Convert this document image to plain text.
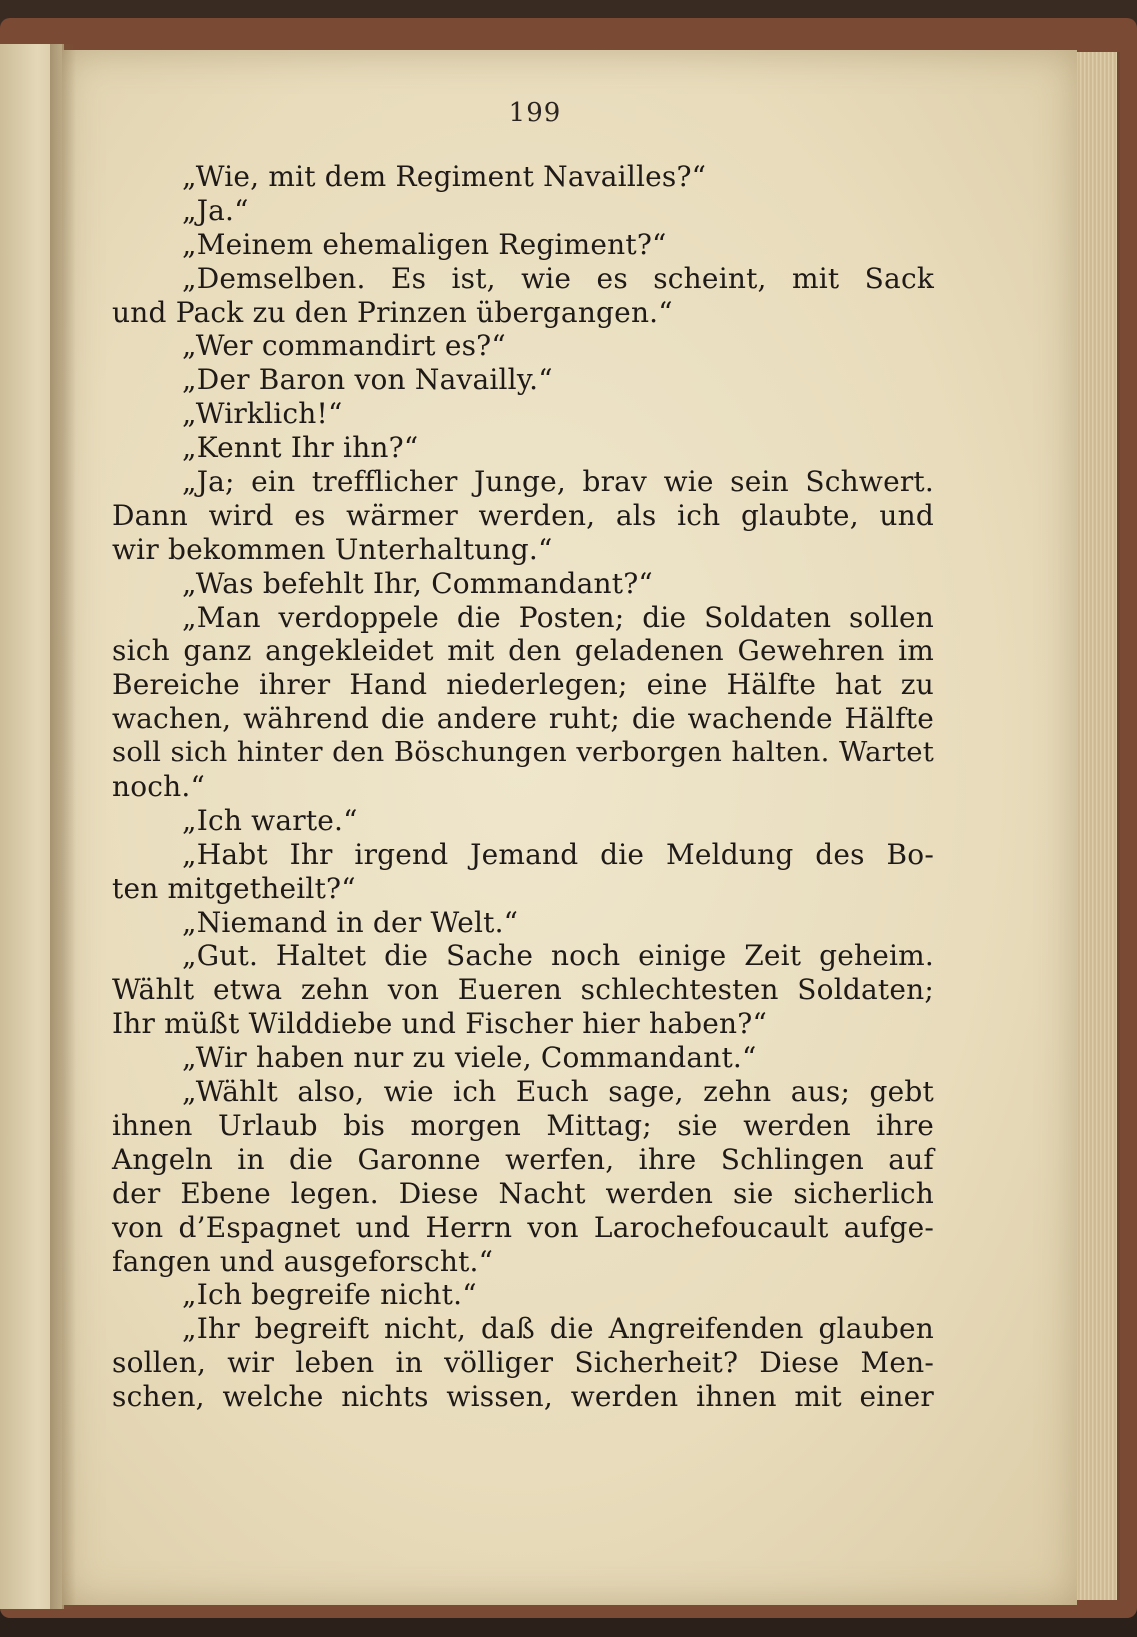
199
„Wie, mit dem Regiment Navailles?“
„Ja.“
„Meinem ehemaligen Regiment?“
„Demselben. Es ist, wie es scheint, mit Sack
und Pack zu den Prinzen übergangen.“
„Wer commandirt es?“
„Der Baron von Navailly.“
„Wirklich!“
„Kennt Ihr ihn?“
„Ja; ein trefflicher Junge, brav wie sein Schwert.
Dann wird es wärmer werden, als ich glaubte, und
wir bekommen Unterhaltung.“
„Was befehlt Ihr, Commandant?“
„Man verdoppele die Posten; die Soldaten sollen
sich ganz angekleidet mit den geladenen Gewehren im
Bereiche ihrer Hand niederlegen; eine Hälfte hat zu
wachen, während die andere ruht; die wachende Hälfte
soll sich hinter den Böschungen verborgen halten. Wartet
noch.“
„Ich warte.“
„Habt Ihr irgend Jemand die Meldung des Bo-
ten mitgetheilt?“
„Niemand in der Welt.“
„Gut. Haltet die Sache noch einige Zeit geheim.
Wählt etwa zehn von Eueren schlechtesten Soldaten;
Ihr müßt Wilddiebe und Fischer hier haben?“
„Wir haben nur zu viele, Commandant.“
„Wählt also, wie ich Euch sage, zehn aus; gebt
ihnen Urlaub bis morgen Mittag; sie werden ihre
Angeln in die Garonne werfen, ihre Schlingen auf
der Ebene legen. Diese Nacht werden sie sicherlich
von d’Espagnet und Herrn von Larochefoucault aufge-
fangen und ausgeforscht.“
„Ich begreife nicht.“
„Ihr begreift nicht, daß die Angreifenden glauben
sollen, wir leben in völliger Sicherheit? Diese Men-
schen, welche nichts wissen, werden ihnen mit einer
